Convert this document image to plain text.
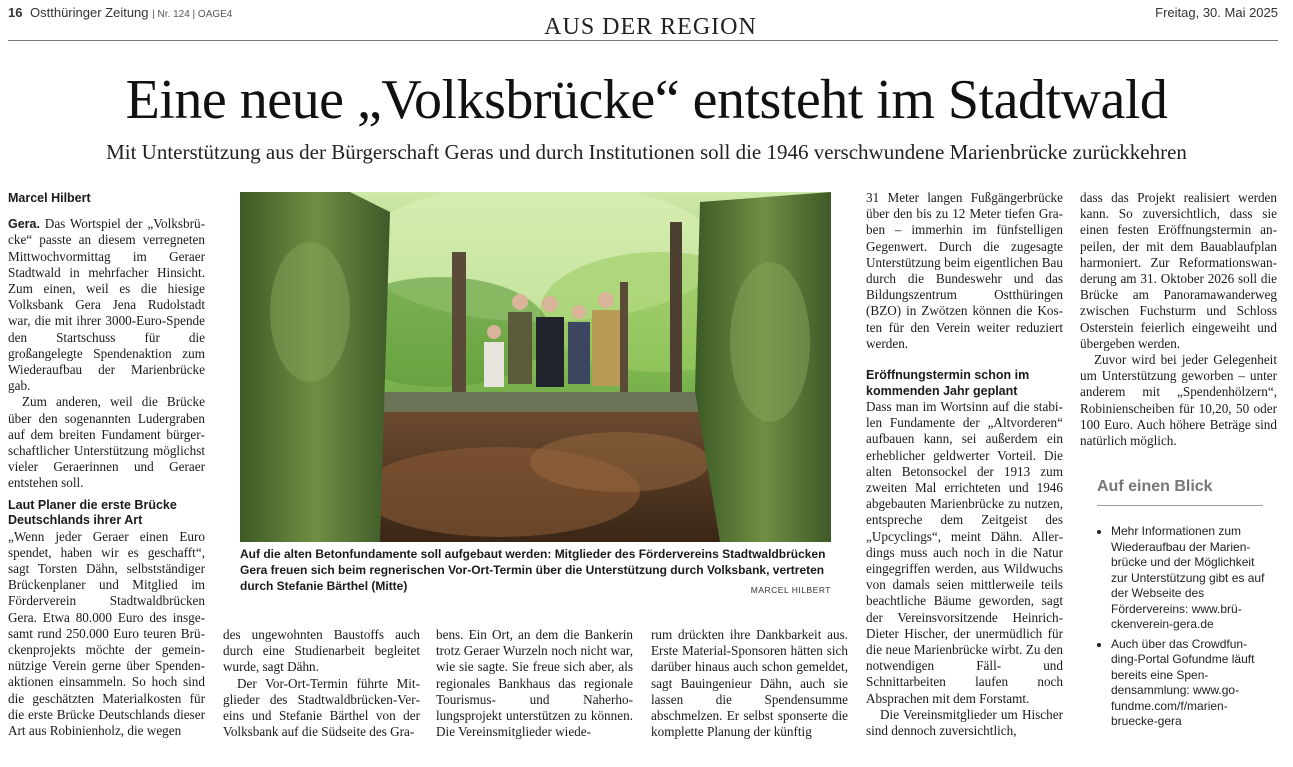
16 Ostthüringer Zeitung | Nr. 124 | OAGE4	AUS DER REGION
Freitag, 30. Mai 2025
Eine neue „Volksbrücke“ entsteht im Stadtwald
Mit Unterstützung aus der Bürgerschaft Geras und durch Institutionen soll die 1946 verschwundene Marienbrücke zurückkehren
Marcel Hilbert

Gera. Das Wortspiel der „Volksbrücke“ passte an diesem verregneten Mittwochvormittag im Geraer Stadtwald in mehrfacher Hinsicht. Zum einen, weil es die hiesige Volksbank Gera Jena Rudolstadt war, die mit ihrer 3000-Euro-Spende den Startschuss für die großangelegte Spendenaktion zum Wiederaufbau der Marienbrücke gab.

Zum anderen, weil die Brücke über den sogenannten Ludergraben auf dem breiten Fundament bürgerschaftlicher Unterstützung möglichst vieler Geraerinnen und Geraer entstehen soll.

Laut Planer die erste Brücke Deutschlands ihrer Art

„Wenn jeder Geraer einen Euro spendet, haben wir es geschafft“, sagt Torsten Dähn, selbstständiger Brückenplaner und Mitglied im Förderverein Stadtwaldbrücken Gera. Etwa 80.000 Euro des insgesamt rund 250.000 Euro teuren Brückenprojekts möchte der gemeinnützige Verein gerne über Spendenaktionen einsammeln. So hoch sind die geschätzten Materialkosten für die erste Brücke Deutschlands dieser Art aus Robinienholz, die wegen

Auf die alten Betonfundamente soll aufgebaut werden: Mitglieder des Fördervereins Stadtwaldbrücken Gera freuen sich beim regnerischen Vor-Ort-Termin über die Unterstützung durch Volksbank, vertreten durch Stefanie Bärthel (Mitte)	MARCEL HILBERT

des ungewohnten Baustoffs auch durch eine Studienarbeit begleitet wurde, sagt Dähn.

Der Vor-Ort-Termin führte Mitglieder des Stadtwaldbrücken-Vereins und Stefanie Bärthel von der Volksbank auf die Südseite des Gra-

bens. Ein Ort, an dem die Bankerin trotz Geraer Wurzeln noch nicht war, wie sie sagte. Sie freue sich aber, als regionales Bankhaus das regionale Tourismus- und Naherholungsprojekt unterstützen zu können. Die Vereinsmitglieder wiede-

rum drückten ihre Dankbarkeit aus. Erste Material-Sponsoren hätten sich darüber hinaus auch schon gemeldet, sagt Bauingenieur Dähn, auch sie lassen die Spendensumme abschmelzen. Er selbst sponserte die komplette Planung der künftig

31 Meter langen Fußgängerbrücke über den bis zu 12 Meter tiefen Graben – immerhin im fünfstelligen Gegenwert. Durch die zugesagte Unterstützung beim eigentlichen Bau durch die Bundeswehr und das Bildungszentrum Ostthüringen (BZO) in Zwötzen können die Kosten für den Verein weiter reduziert werden.

Eröffnungstermin schon im kommenden Jahr geplant

Dass man im Wortsinn auf die stabilen Fundamente der „Altvorderen“ aufbauen kann, sei außerdem ein erheblicher geldwerter Vorteil. Die alten Betonsockel der 1913 zum zweiten Mal errichteten und 1946 abgebauten Marienbrücke zu nutzen, entspreche dem Zeitgeist des „Upcyclings“, meint Dähn. Allerdings muss auch noch in die Natur eingegriffen werden, aus Wildwuchs von damals seien mittlerweile teils beachtliche Bäume geworden, sagt der Vereinsvorsitzende Heinrich-Dieter Hischer, der unermüdlich für die neue Marienbrücke wirbt. Zu den notwendigen Fäll- und Schnittarbeiten laufen noch Absprachen mit dem Forstamt.

Die Vereinsmitglieder um Hischer sind dennoch zuversichtlich,

dass das Projekt realisiert werden kann. So zuversichtlich, dass sie einen festen Eröffnungstermin anpeilen, der mit dem Bauablaufplan harmoniert. Zur Reformationswanderung am 31. Oktober 2026 soll die Brücke am Panoramawanderweg zwischen Fuchsturm und Schloss Osterstein feierlich eingeweiht und übergeben werden.

Zuvor wird bei jeder Gelegenheit um Unterstützung geworben – unter anderem mit „Spendenhölzern“, Robinienscheiben für 10,20, 50 oder 100 Euro. Auch höhere Beträge sind natürlich möglich.

Auf einen Blick
• Mehr Informationen zum Wiederaufbau der Marienbrücke und der Möglichkeit zur Unterstützung gibt es auf der Webseite des Fördervereins: www.brückenverein-gera.de
• Auch über das Crowdfunding-Portal Gofundme läuft bereits eine Spendensammlung: www.gofundme.com/f/marienbruecke-gera
